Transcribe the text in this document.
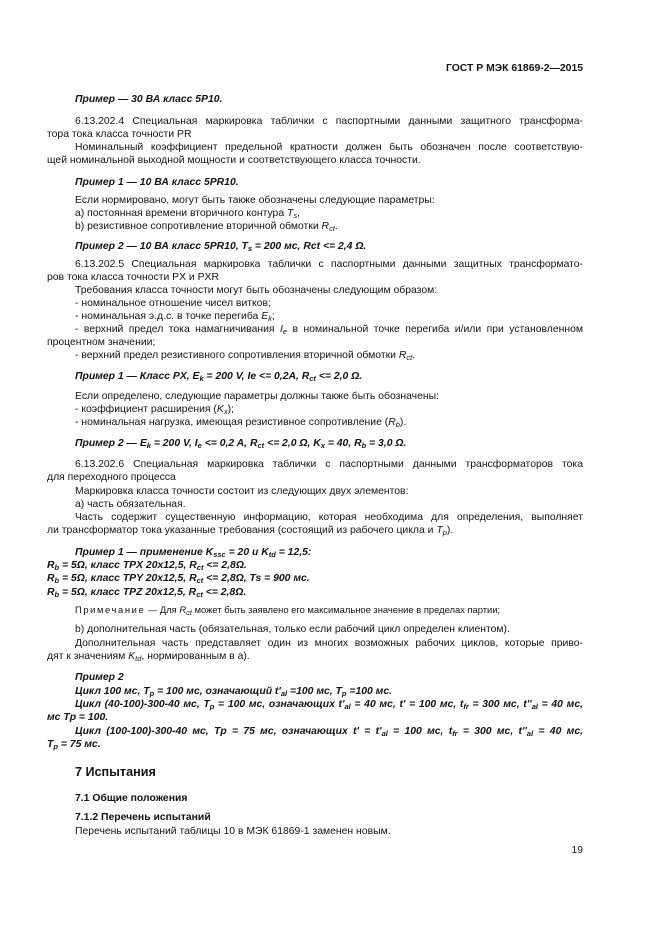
ГОСТ Р МЭК 61869-2—2015
Пример — 30 ВА класс 5P10.
6.13.202.4 Специальная маркировка таблички с паспортными данными защитного трансформа-
тора тока класса точности PR
Номинальный коэффициент предельной кратности должен быть обозначен после соответствую-
щей номинальной выходной мощности и соответствующего класса точности.
Пример 1 — 10 ВА класс 5PR10.
Если нормировано, могут быть также обозначены следующие параметры:
а) постоянная времени вторичного контура $T_s$,
b) резистивное сопротивление вторичной обмотки $R_{ct}$.
Пример 2 — 10 ВА класс 5PR10, $T_s = 200$ мс, Rct <= 2,4 Ω.
6.13.202.5 Специальная маркировка таблички с паспортными данными защитных трансформато-
ров тока класса точности PX и PXR
Требования класса точности могут быть обозначены следующим образом:
- номинальное отношение чисел витков;
- номинальная э.д.с. в точке перегиба $E_k$;
- верхний предел тока намагничивания $I_e$ в номинальной точке перегиба и/или при установленном
процентном значении;
- верхний предел резистивного сопротивления вторичной обмотки $R_{ct}$.
Пример 1 — Класс PX, $E_k = 200$ V, Ie <= 0,2A, $R_{ct} <= 2,0$ Ω.
Если определено, следующие параметры должны также быть обозначены:
- коэффициент расширения $(K_x)$;
- номинальная нагрузка, имеющая резистивное сопротивление $(R_b)$.
Пример 2 — $E_k = 200$ V, $I_e <= 0,2$ A, $R_{ct} <= 2,0$ Ω, $K_x = 40$, $R_b = 3,0$ Ω.
6.13.202.6 Специальная маркировка таблички с паспортными данными трансформаторов тока
для переходного процесса
Маркировка класса точности состоит из следующих двух элементов:
а) часть обязательная.
Часть содержит существенную информацию, которая необходима для определения, выполняет
ли трансформатор тока указанные требования (состоящий из рабочего цикла и $T_p$).
Пример 1 — применение $K_{ssc} = 20$ и $K_{td} = 12,5$:
$R_b = 5\Omega$, класс TPX 20x12,5, $R_{ct} <= 2,8\Omega$.
$R_b = 5\Omega$, класс TPY 20x12,5, $R_{ct} <= 2,8\Omega$, Ts = 900 мс.
$R_b = 5\Omega$, класс TPZ 20x12,5, $R_{ct} <= 2,8\Omega$.
Примечание — Для $R_{ct}$ может быть заявлено его максимальное значение в пределах партии;
b) дополнительная часть (обязательная, только если рабочий цикл определен клиентом).
Дополнительная часть представляет один из многих возможных рабочих циклов, которые приво-
дят к значениям $K_{td}$, нормированным в а).
Пример 2
Цикл 100 мс, $T_p = 100$ мс, означающий $t'_{al} =100$ мс, $T_p =100$ мс.
Цикл (40-100)-300-40 мс, $T_p = 100$ мс, означающих $t'_{al} = 40$ мс, t' = 100 мс, $t_{fr} = 300$ мс, $t''_{al} = 40$ мс,
мс Tp = 100.
Цикл (100-100)-300-40 мс, Tp = 75 мс, означающих $t' = t'_{al} = 100$ мс, $t_{fr} = 300$ мс, $t''_{al} = 40$ мс,
$T_p = 75$ мс.
7 Испытания
7.1 Общие положения
7.1.2 Перечень испытаний
Перечень испытаний таблицы 10 в МЭК 61869-1 заменен новым.
19
